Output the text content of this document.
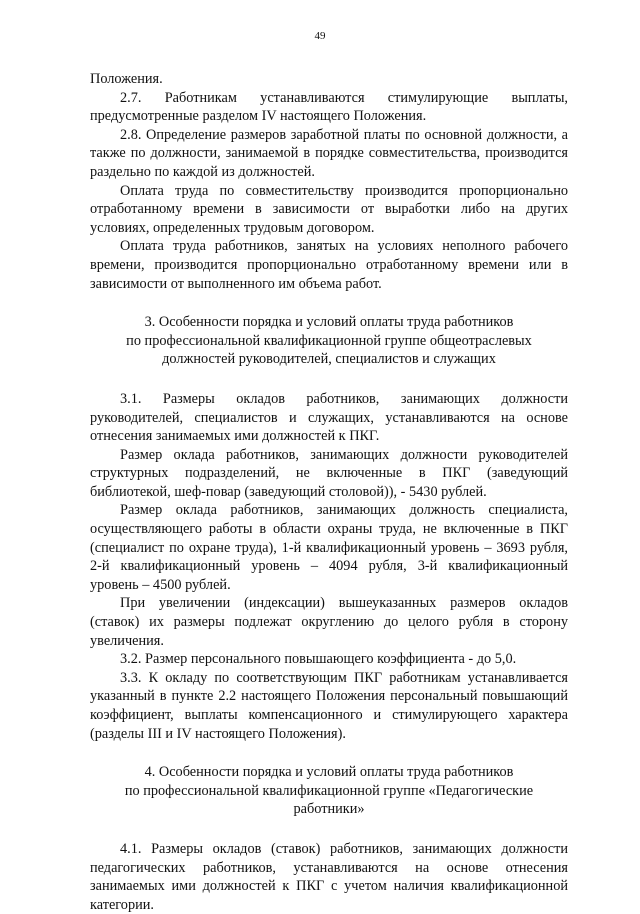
49

Положения.

2.7. Работникам устанавливаются стимулирующие выплаты, предусмотренные разделом IV настоящего Положения.

2.8. Определение размеров заработной платы по основной должности, а также по должности, занимаемой в порядке совместительства, производится раздельно по каждой из должностей.

Оплата труда по совместительству производится пропорционально отработанному времени в зависимости от выработки либо на других условиях, определенных трудовым договором.

Оплата труда работников, занятых на условиях неполного рабочего времени, производится пропорционально отработанному времени или в зависимости от выполненного им объема работ.

3. Особенности порядка и условий оплаты труда работников
по профессиональной квалификационной группе общеотраслевых
должностей руководителей, специалистов и служащих

3.1. Размеры окладов работников, занимающих должности руководителей, специалистов и служащих, устанавливаются на основе отнесения занимаемых ими должностей к ПКГ.

Размер оклада работников, занимающих должности руководителей структурных подразделений, не включенные в ПКГ (заведующий библиотекой, шеф-повар (заведующий столовой)), - 5430 рублей.

Размер оклада работников, занимающих должность специалиста, осуществляющего работы в области охраны труда, не включенные в ПКГ (специалист по охране труда), 1-й квалификационный уровень – 3693 рубля, 2-й квалификационный уровень – 4094 рубля, 3-й квалификационный уровень – 4500 рублей.

При увеличении (индексации) вышеуказанных размеров окладов (ставок) их размеры подлежат округлению до целого рубля в сторону увеличения.

3.2. Размер персонального повышающего коэффициента - до 5,0.

3.3. К окладу по соответствующим ПКГ работникам устанавливается указанный в пункте 2.2 настоящего Положения персональный повышающий коэффициент, выплаты компенсационного и стимулирующего характера (разделы III и IV настоящего Положения).

4. Особенности порядка и условий оплаты труда работников
по профессиональной квалификационной группе «Педагогические
работники»

4.1. Размеры окладов (ставок) работников, занимающих должности педагогических работников, устанавливаются на основе отнесения занимаемых ими должностей к ПКГ с учетом наличия квалификационной категории.
